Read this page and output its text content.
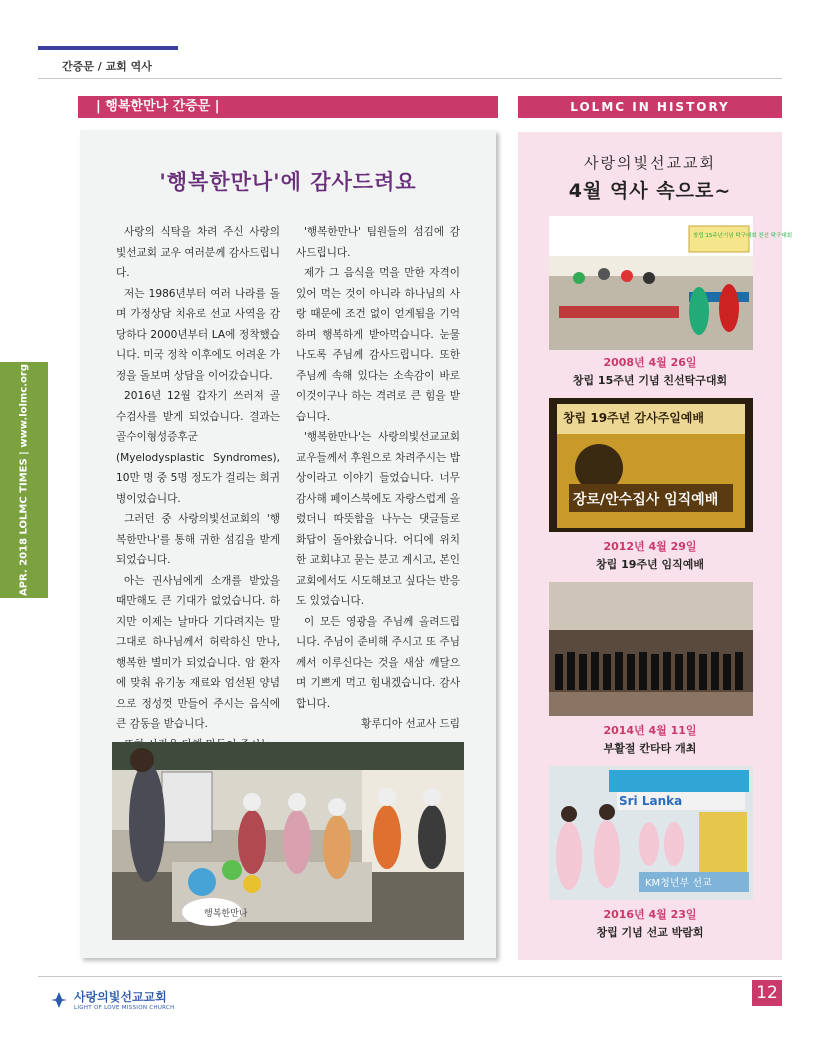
간증문 / 교회 역사
APR. 2018 LOLMC TIMES | www.lolmc.org
| 행복한만나 간증문 |	LOLMC IN HISTORY
'행복한만나'에 감사드려요

사랑의 식탁을 차려 주신 사랑의빛선교회 교우 여러분께 감사드립니다.

저는 1986년부터 여러 나라를 돌며 가정상담 치유로 선교 사역을 감당하다 2000년부터 LA에 정착했습니다. 미국 정착 이후에도 어려운 가정을 돌보며 상담을 이어갔습니다.

2016년 12월 갑자기 쓰러져 골수검사를 받게 되었습니다. 결과는 골수이형성증후군(Myelodysplastic Syndromes), 10만 명 중 5명 정도가 걸리는 희귀병이었습니다.

그러던 중 사랑의빛선교회의 '행복한만나'를 통해 귀한 섬김을 받게 되었습니다.

아는 권사님에게 소개를 받았을 때만해도 큰 기대가 없었습니다. 하지만 이제는 날마다 기다려지는 말 그대로 하나님께서 허락하신 만나, 행복한 별미가 되었습니다. 암 환자에 맞춰 유기농 재료와 엄선된 양념으로 정성껏 만들어 주시는 음식에 큰 감동을 받습니다.

'행복한만나' 팀원들의 섬김에 감사드립니다.

제가 그 음식을 먹을 만한 자격이 있어 먹는 것이 아니라 하나님의 사랑 때문에 조건 없이 얻게됨을 기억하며 행복하게 받아먹습니다. 눈물 나도록 주님께 감사드립니다. 또한 주님께 속해 있다는 소속감이 바로 이것이구나 하는 격려로 큰 힘을 받습니다.

'행복한만나'는 사랑의빛선교교회 교우들께서 후원으로 차려주시는 밥상이라고 이야기 들었습니다. 너무 감사해 페이스북에도 자랑스럽게 올렸더니 따뜻함을 나누는 댓글들로 화답이 돌아왔습니다. 어디에 위치한 교회냐고 묻는 분고 계시고, 본인 교회에서도 시도해보고 싶다는 반응도 있었습니다.

이 모든 영광을 주님께 올려드립니다. 주님이 준비해 주시고 또 주님께서 이루신다는 것을 새삼 깨달으며 기쁘게 먹고 힘내겠습니다. 감사합니다.

황루디아 선교사 드림

행복한만나
사랑의빛선교교회
4월 역사 속으로~
창립 15주년기념 탁구대회 친선 탁구대회
2008년 4월 26일
창립 15주년 기념 친선탁구대회
창립 19주년 감사주일예배
장로/안수집사 임직예배
2012년 4월 29일
창립 19주년 임직예배
2014년 4월 11일
부활절 칸타타 개최
Sri Lanka
KM청년부 선교
2016년 4월 23일
창립 기념 선교 박람회
사랑의빛선교교회
LIGHT OF LOVE MISSION CHURCH
12
